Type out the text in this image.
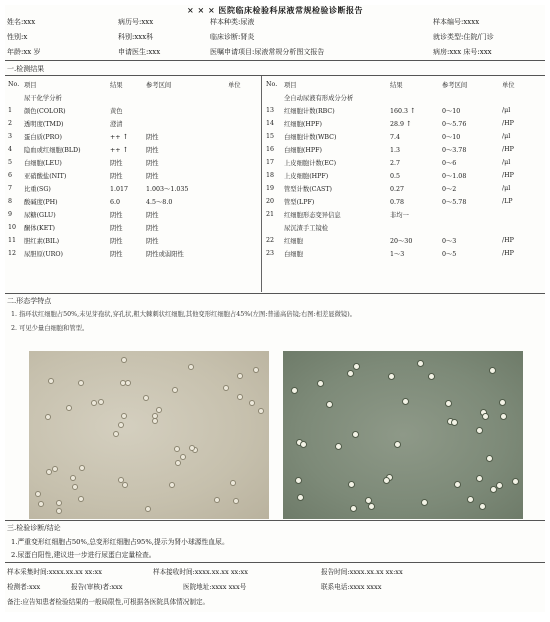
× × × 医院临床检验科尿液常规检验诊断报告
姓名:xxx	病历号:xxx	样本种类:尿液	样本编号:xxxx
性别:x	科别:xxx科	临床诊断:肾炎	就诊类型:住院/门诊
年龄:xx 岁	申请医生:xxx	医嘱申请项目:尿液常规分析图文报告	病房:xxx 床号:xxx
一.检测结果
No.	项目	结果	参考区间	单位
	尿干化学分析			
1	颜色(COLOR)	黄色		
2	透明度(TMD)	澄清		
3	蛋白质(PRO)	++ ↑	阴性	
4	隐血或红细胞(BLD)	++ ↑	阴性	
5	白细胞(LEU)	阴性	阴性	
6	亚硝酸盐(NIT)	阴性	阴性	
7	比重(SG)	1.017	1.003～1.035	
8	酸碱度(PH)	6.0	4.5～8.0	
9	尿糖(GLU)	阴性	阴性	
10	酮体(KET)	阴性	阴性	
11	胆红素(BIL)	阴性	阴性	
12	尿胆原(URO)	阴性	阴性或弱阳性	
No.	项目	结果	参考区间	单位
	全自动尿液有形成分分析			
13	红细胞计数(RBC)	160.3 ↑	0～10	/μl
14	红细胞(HPF)	28.9 ↑	0～5.76	/HP
15	白细胞计数(WBC)	7.4	0～10	/μl
16	白细胞(HPF)	1.3	0～3.78	/HP
17	上皮细胞计数(EC)	2.7	0～6	/μl
18	上皮细胞(HPF)	0.5	0～1.08	/HP
19	管型计数(CAST)	0.27	0～2	/μl
20	管型(LPF)	0.78	0～5.78	/LP
21	红细胞形态变异信息	非均一		
	尿沉渣手工镜检			
22	红细胞	20～30	0～3	/HP
23	白细胞	1～3	0～5	/HP
二.形态学特点
1. 指环状红细胞占50%,未见芽孢状,穿孔状,粗大棘刺状红细胞,其他变形红细胞占45%(左图:普通高倍镜;右图:相差显微镜)。
2. 可见少量白细胞和管型。
三.检验诊断/结论
1.严重变形红细胞占50%,总变形红细胞占95%,提示为肾小球源性血尿。
2.尿蛋白阳性,建议进一步进行尿蛋白定量检查。
样本采集时间:xxxx.xx.xx xx:xx	样本接收时间:xxxx.xx.xx xx:xx	报告时间:xxxx.xx.xx xx:xx
检测者:xxx	报告(审核)者:xxx	医院地址:xxxx xxx号	联系电话:xxxx xxxx
备注:应告知患者检验结果的一般局限性,可根据各医院具体情况制定。
